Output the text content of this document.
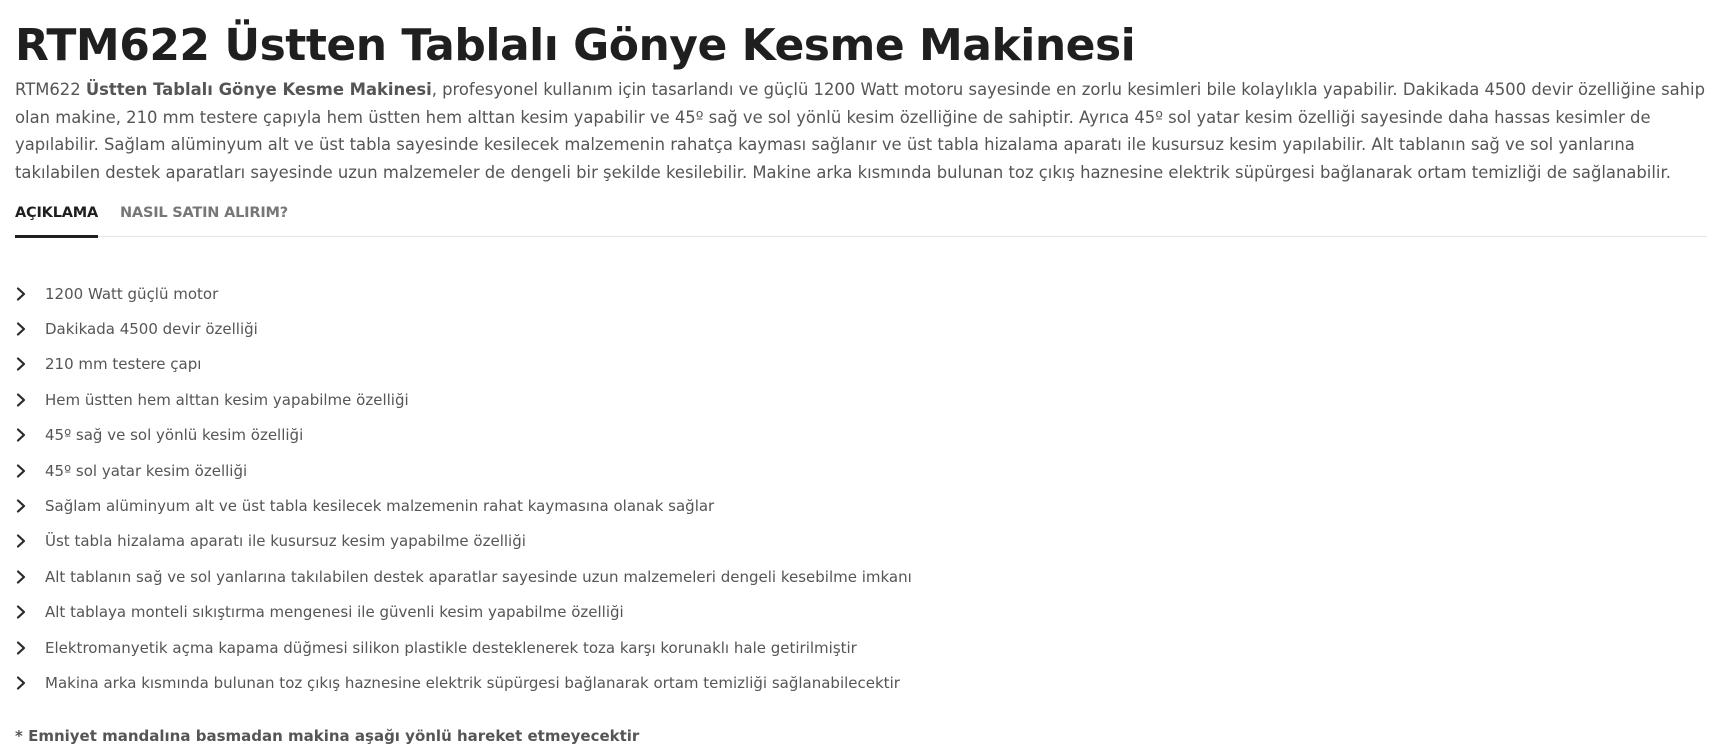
RTM622 Üstten Tablalı Gönye Kesme Makinesi

RTM622 Üstten Tablalı Gönye Kesme Makinesi, profesyonel kullanım için tasarlandı ve güçlü 1200 Watt motoru sayesinde en zorlu kesimleri bile kolaylıkla yapabilir. Dakikada 4500 devir özelliğine sahip olan makine, 210 mm testere çapıyla hem üstten hem alttan kesim yapabilir ve 45º sağ ve sol yönlü kesim özelliğine de sahiptir. Ayrıca 45º sol yatar kesim özelliği sayesinde daha hassas kesimler de yapılabilir. Sağlam alüminyum alt ve üst tabla sayesinde kesilecek malzemenin rahatça kayması sağlanır ve üst tabla hizalama aparatı ile kusursuz kesim yapılabilir. Alt tablanın sağ ve sol yanlarına takılabilen destek aparatları sayesinde uzun malzemeler de dengeli bir şekilde kesilebilir. Makine arka kısmında bulunan toz çıkış haznesine elektrik süpürgesi bağlanarak ortam temizliği de sağlanabilir.

AÇIKLAMA NASIL SATIN ALIRIM?
1200 Watt güçlü motor
Dakikada 4500 devir özelliği
210 mm testere çapı
Hem üstten hem alttan kesim yapabilme özelliği
45º sağ ve sol yönlü kesim özelliği
45º sol yatar kesim özelliği
Sağlam alüminyum alt ve üst tabla kesilecek malzemenin rahat kaymasına olanak sağlar
Üst tabla hizalama aparatı ile kusursuz kesim yapabilme özelliği
Alt tablanın sağ ve sol yanlarına takılabilen destek aparatlar sayesinde uzun malzemeleri dengeli kesebilme imkanı
Alt tablaya monteli sıkıştırma mengenesi ile güvenli kesim yapabilme özelliği
Elektromanyetik açma kapama düğmesi silikon plastikle desteklenerek toza karşı korunaklı hale getirilmiştir
Makina arka kısmında bulunan toz çıkış haznesine elektrik süpürgesi bağlanarak ortam temizliği sağlanabilecektir
* Emniyet mandalına basmadan makina aşağı yönlü hareket etmeyecektir
